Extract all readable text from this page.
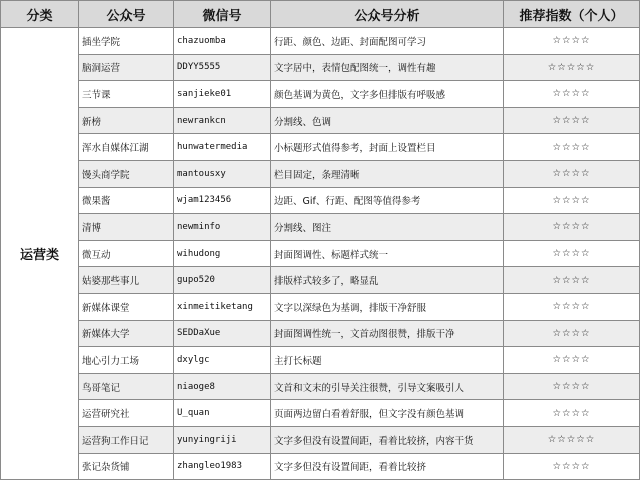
分类	公众号	微信号	公众号分析	推荐指数（个人）
运营类	插坐学院	chazuomba	行距、颜色、边距、封面配图可学习	☆☆☆☆
	脑洞运营	DDYY5555	文字居中，表情包配图统一，调性有趣	☆☆☆☆☆
	三节课	sanjieke01	颜色基调为黄色，文字多但排版有呼吸感	☆☆☆☆
	新榜	newrankcn	分割线、色调	☆☆☆☆
	浑水自媒体江湖	hunwatermedia	小标题形式值得参考，封面上设置栏目	☆☆☆☆
	馒头商学院	mantousxy	栏目固定，条理清晰	☆☆☆☆
	微果酱	wjam123456	边距、Gif、行距、配图等值得参考	☆☆☆☆
	清博	newminfo	分割线、图注	☆☆☆☆
	微互动	wihudong	封面图调性、标题样式统一	☆☆☆☆
	姑婆那些事儿	gupo520	排版样式较多了，略显乱	☆☆☆☆
	新媒体课堂	xinmeitiketang	文字以深绿色为基调，排版干净舒服	☆☆☆☆
	新媒体大学	SEDDaXue	封面图调性统一，文首动图很赞，排版干净	☆☆☆☆
	地心引力工场	dxylgc	主打长标题	☆☆☆☆
	鸟哥笔记	niaoge8	文首和文末的引导关注很赞，引导文案吸引人	☆☆☆☆
	运营研究社	U_quan	页面两边留白看着舒服，但文字没有颜色基调	☆☆☆☆
	运营狗工作日记	yunyingriji	文字多但没有设置间距，看着比较挤，内容干货	☆☆☆☆☆
	张记杂货铺	zhangleo1983	文字多但没有设置间距，看着比较挤	☆☆☆☆
